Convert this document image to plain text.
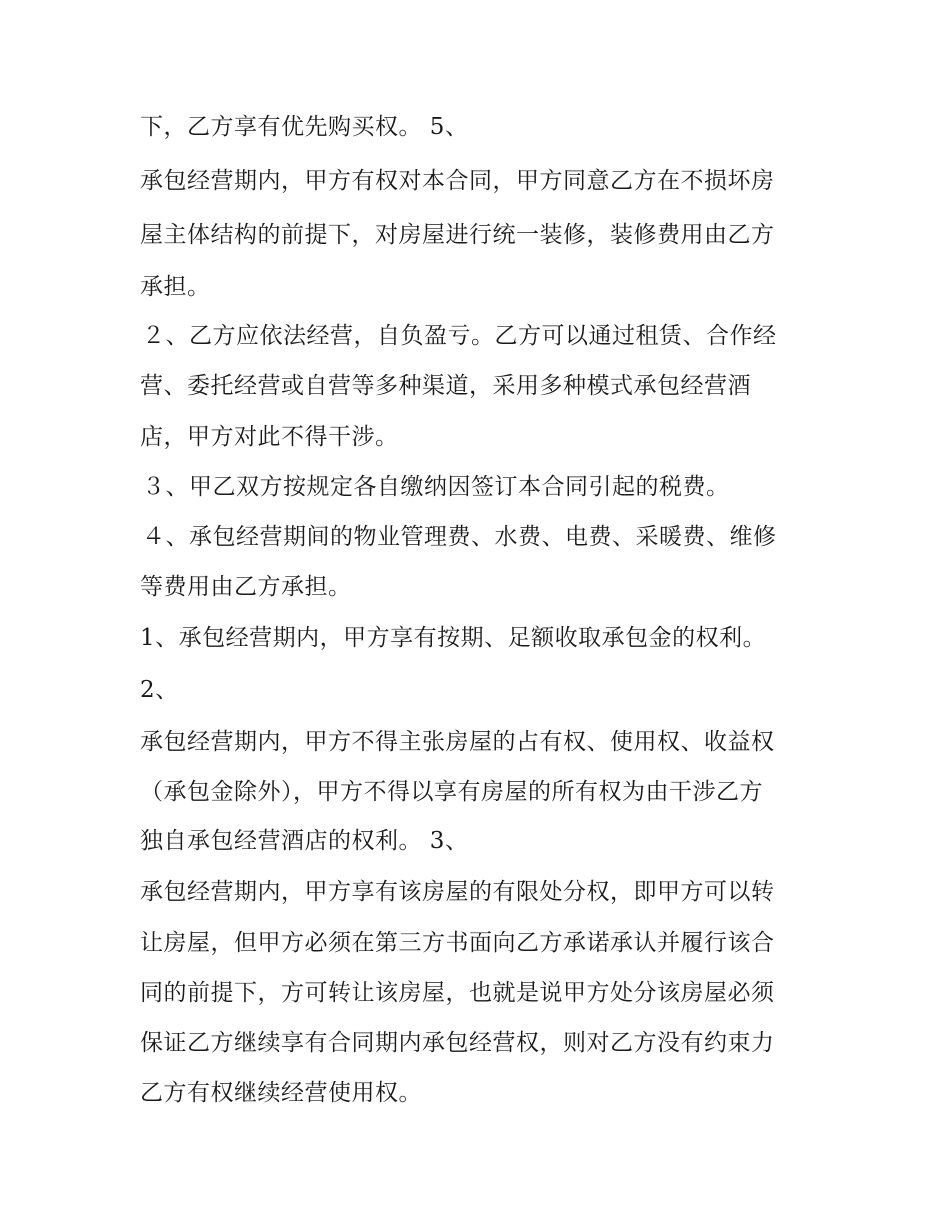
下，乙方享有优先购买权。 5、
承包经营期内，甲方有权对本合同，甲方同意乙方在不损坏房
屋主体结构的前提下，对房屋进行统一装修，装修费用由乙方
承担。
２、乙方应依法经营，自负盈亏。乙方可以通过租赁、合作经
营、委托经营或自营等多种渠道，采用多种模式承包经营酒
店，甲方对此不得干涉。
３、甲乙双方按规定各自缴纳因签订本合同引起的税费。
４、承包经营期间的物业管理费、水费、电费、采暖费、维修
等费用由乙方承担。
1、承包经营期内，甲方享有按期、足额收取承包金的权利。
2、
承包经营期内，甲方不得主张房屋的占有权、使用权、收益权
（承包金除外），甲方不得以享有房屋的所有权为由干涉乙方
独自承包经营酒店的权利。 3、
承包经营期内，甲方享有该房屋的有限处分权，即甲方可以转
让房屋，但甲方必须在第三方书面向乙方承诺承认并履行该合
同的前提下，方可转让该房屋，也就是说甲方处分该房屋必须
保证乙方继续享有合同期内承包经营权，则对乙方没有约束力
乙方有权继续经营使用权。
